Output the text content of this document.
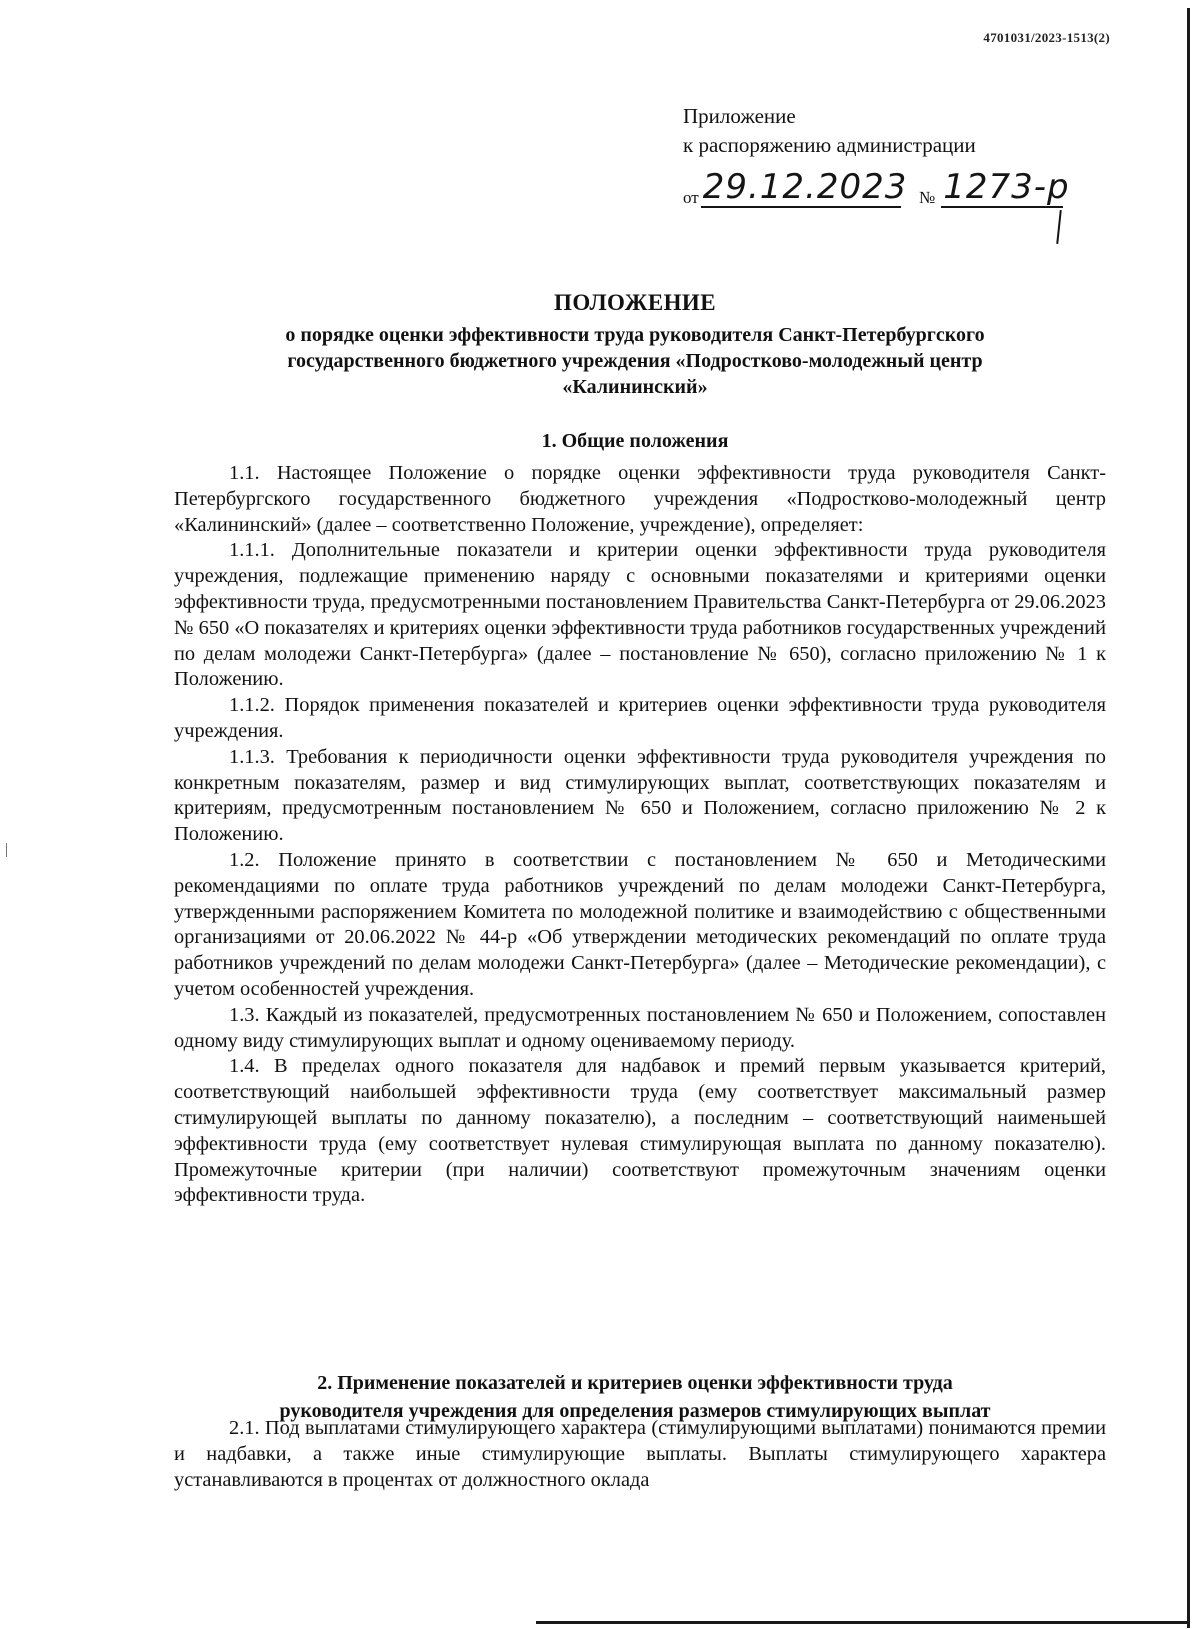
4701031/2023-1513(2)
Приложение
к распоряжению администрации
от 29.12.2023 № 1273-р
ПОЛОЖЕНИЕ
о порядке оценки эффективности труда руководителя Санкт-Петербургского
государственного бюджетного учреждения «Подростково-молодежный центр
«Калининский»
1. Общие положения

1.1. Настоящее Положение о порядке оценки эффективности труда руководителя Санкт-Петербургского государственного бюджетного учреждения «Подростково-молодежный центр «Калининский» (далее – соответственно Положение, учреждение), определяет:

1.1.1. Дополнительные показатели и критерии оценки эффективности труда руководителя учреждения, подлежащие применению наряду с основными показателями и критериями оценки эффективности труда, предусмотренными постановлением Правительства Санкт-Петербурга от 29.06.2023 № 650 «О показателях и критериях оценки эффективности труда работников государственных учреждений по делам молодежи Санкт-Петербурга» (далее – постановление № 650), согласно приложению № 1 к Положению.

1.1.2. Порядок применения показателей и критериев оценки эффективности труда руководителя учреждения.

1.1.3. Требования к периодичности оценки эффективности труда руководителя учреждения по конкретным показателям, размер и вид стимулирующих выплат, соответствующих показателям и критериям, предусмотренным постановлением № 650 и Положением, согласно приложению № 2 к Положению.

1.2. Положение принято в соответствии с постановлением № 650 и Методическими рекомендациями по оплате труда работников учреждений по делам молодежи Санкт-Петербурга, утвержденными распоряжением Комитета по молодежной политике и взаимодействию с общественными организациями от 20.06.2022 № 44-р «Об утверждении методических рекомендаций по оплате труда работников учреждений по делам молодежи Санкт-Петербурга» (далее – Методические рекомендации), с учетом особенностей учреждения.

1.3. Каждый из показателей, предусмотренных постановлением № 650 и Положением, сопоставлен одному виду стимулирующих выплат и одному оцениваемому периоду.

1.4. В пределах одного показателя для надбавок и премий первым указывается критерий, соответствующий наибольшей эффективности труда (ему соответствует максимальный размер стимулирующей выплаты по данному показателю), а последним – соответствующий наименьшей эффективности труда (ему соответствует нулевая стимулирующая выплата по данному показателю). Промежуточные критерии (при наличии) соответствуют промежуточным значениям оценки эффективности труда.

2. Применение показателей и критериев оценки эффективности труда
руководителя учреждения для определения размеров стимулирующих выплат

2.1. Под выплатами стимулирующего характера (стимулирующими выплатами) понимаются премии и надбавки, а также иные стимулирующие выплаты. Выплаты стимулирующего характера устанавливаются в процентах от должностного оклада
